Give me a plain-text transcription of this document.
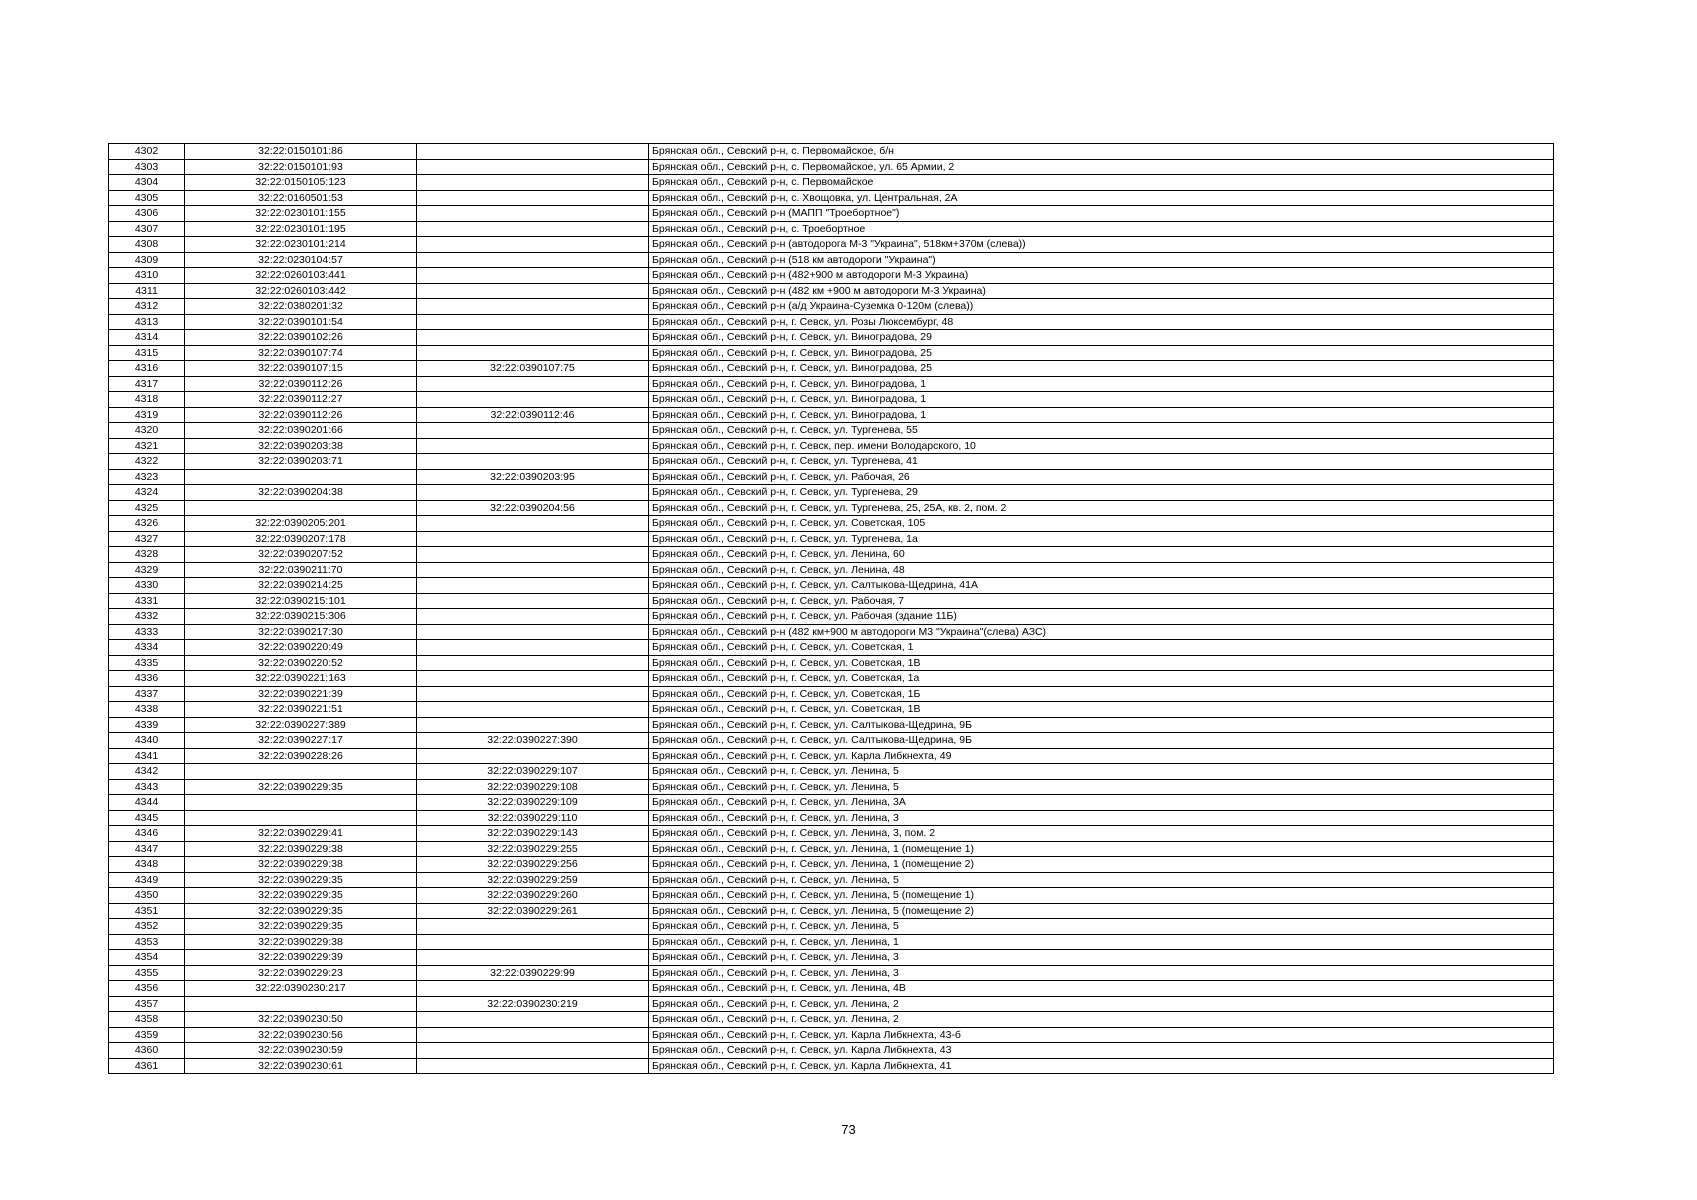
4302	32:22:0150101:86		Брянская обл., Севский р-н, с. Первомайское, б/н
4303	32:22:0150101:93		Брянская обл., Севский р-н, с. Первомайское, ул. 65 Армии, 2
4304	32:22:0150105:123		Брянская обл., Севский р-н, с. Первомайское
4305	32:22:0160501:53		Брянская обл., Севский р-н, с. Хвощовка, ул. Центральная, 2А
4306	32:22:0230101:155		Брянская обл., Севский р-н (МАПП "Троебортное")
4307	32:22:0230101:195		Брянская обл., Севский р-н, с. Троебортное
4308	32:22:0230101:214		Брянская обл., Севский р-н (автодорога М-3 "Украина", 518км+370м (слева))
4309	32:22:0230104:57		Брянская обл., Севский р-н (518 км автодороги "Украина")
4310	32:22:0260103:441		Брянская обл., Севский р-н (482+900 м автодороги М-3 Украина)
4311	32:22:0260103:442		Брянская обл., Севский р-н (482 км +900 м автодороги М-3 Украина)
4312	32:22:0380201:32		Брянская обл., Севский р-н (а/д Украина-Суземка 0-120м (слева))
4313	32:22:0390101:54		Брянская обл., Севский р-н, г. Севск, ул. Розы Люксембург, 48
4314	32:22:0390102:26		Брянская обл., Севский р-н, г. Севск, ул. Виноградова, 29
4315	32:22:0390107:74		Брянская обл., Севский р-н, г. Севск, ул. Виноградова, 25
4316	32:22:0390107:15	32:22:0390107:75	Брянская обл., Севский р-н, г. Севск, ул. Виноградова, 25
4317	32:22:0390112:26		Брянская обл., Севский р-н, г. Севск, ул. Виноградова, 1
4318	32:22:0390112:27		Брянская обл., Севский р-н, г. Севск, ул. Виноградова, 1
4319	32:22:0390112:26	32:22:0390112:46	Брянская обл., Севский р-н, г. Севск, ул. Виноградова, 1
4320	32:22:0390201:66		Брянская обл., Севский р-н, г. Севск, ул. Тургенева, 55
4321	32:22:0390203:38		Брянская обл., Севский р-н, г. Севск, пер. имени Володарского, 10
4322	32:22:0390203:71		Брянская обл., Севский р-н, г. Севск, ул. Тургенева, 41
4323		32:22:0390203:95	Брянская обл., Севский р-н, г. Севск, ул. Рабочая, 26
4324	32:22:0390204:38		Брянская обл., Севский р-н, г. Севск, ул. Тургенева, 29
4325		32:22:0390204:56	Брянская обл., Севский р-н, г. Севск, ул. Тургенева, 25, 25А, кв. 2, пом. 2
4326	32:22:0390205:201		Брянская обл., Севский р-н, г. Севск, ул. Советская, 105
4327	32:22:0390207:178		Брянская обл., Севский р-н, г. Севск, ул. Тургенева, 1а
4328	32:22:0390207:52		Брянская обл., Севский р-н, г. Севск, ул. Ленина, 60
4329	32:22:0390211:70		Брянская обл., Севский р-н, г. Севск, ул. Ленина, 48
4330	32:22:0390214:25		Брянская обл., Севский р-н, г. Севск, ул. Салтыкова-Щедрина, 41А
4331	32:22:0390215:101		Брянская обл., Севский р-н, г. Севск, ул. Рабочая, 7
4332	32:22:0390215:306		Брянская обл., Севский р-н, г. Севск, ул. Рабочая (здание 11Б)
4333	32:22:0390217:30		Брянская обл., Севский р-н (482 км+900 м автодороги М3 "Украина"(слева) АЗС)
4334	32:22:0390220:49		Брянская обл., Севский р-н, г. Севск, ул. Советская, 1
4335	32:22:0390220:52		Брянская обл., Севский р-н, г. Севск, ул. Советская, 1В
4336	32:22:0390221:163		Брянская обл., Севский р-н, г. Севск, ул. Советская, 1а
4337	32:22:0390221:39		Брянская обл., Севский р-н, г. Севск, ул. Советская, 1Б
4338	32:22:0390221:51		Брянская обл., Севский р-н, г. Севск, ул. Советская, 1В
4339	32:22:0390227:389		Брянская обл., Севский р-н, г. Севск, ул. Салтыкова-Щедрина, 9Б
4340	32:22:0390227:17	32:22:0390227:390	Брянская обл., Севский р-н, г. Севск, ул. Салтыкова-Щедрина, 9Б
4341	32:22:0390228:26		Брянская обл., Севский р-н, г. Севск, ул. Карла Либкнехта, 49
4342		32:22:0390229:107	Брянская обл., Севский р-н, г. Севск, ул. Ленина, 5
4343	32:22:0390229:35	32:22:0390229:108	Брянская обл., Севский р-н, г. Севск, ул. Ленина, 5
4344		32:22:0390229:109	Брянская обл., Севский р-н, г. Севск, ул. Ленина, 3А
4345		32:22:0390229:110	Брянская обл., Севский р-н, г. Севск, ул. Ленина, 3
4346	32:22:0390229:41	32:22:0390229:143	Брянская обл., Севский р-н, г. Севск, ул. Ленина, 3, пом. 2
4347	32:22:0390229:38	32:22:0390229:255	Брянская обл., Севский р-н, г. Севск, ул. Ленина, 1 (помещение 1)
4348	32:22:0390229:38	32:22:0390229:256	Брянская обл., Севский р-н, г. Севск, ул. Ленина, 1 (помещение 2)
4349	32:22:0390229:35	32:22:0390229:259	Брянская обл., Севский р-н, г. Севск, ул. Ленина, 5
4350	32:22:0390229:35	32:22:0390229:260	Брянская обл., Севский р-н, г. Севск, ул. Ленина, 5 (помещение 1)
4351	32:22:0390229:35	32:22:0390229:261	Брянская обл., Севский р-н, г. Севск, ул. Ленина, 5 (помещение 2)
4352	32:22:0390229:35		Брянская обл., Севский р-н, г. Севск, ул. Ленина, 5
4353	32:22:0390229:38		Брянская обл., Севский р-н, г. Севск, ул. Ленина, 1
4354	32:22:0390229:39		Брянская обл., Севский р-н, г. Севск, ул. Ленина, 3
4355	32:22:0390229:23	32:22:0390229:99	Брянская обл., Севский р-н, г. Севск, ул. Ленина, 3
4356	32:22:0390230:217		Брянская обл., Севский р-н, г. Севск, ул. Ленина, 4В
4357		32:22:0390230:219	Брянская обл., Севский р-н, г. Севск, ул. Ленина, 2
4358	32:22:0390230:50		Брянская обл., Севский р-н, г. Севск, ул. Ленина, 2
4359	32:22:0390230:56		Брянская обл., Севский р-н, г. Севск, ул. Карла Либкнехта, 43-б
4360	32:22:0390230:59		Брянская обл., Севский р-н, г. Севск, ул. Карла Либкнехта, 43
4361	32:22:0390230:61		Брянская обл., Севский р-н, г. Севск, ул. Карла Либкнехта, 41
73
